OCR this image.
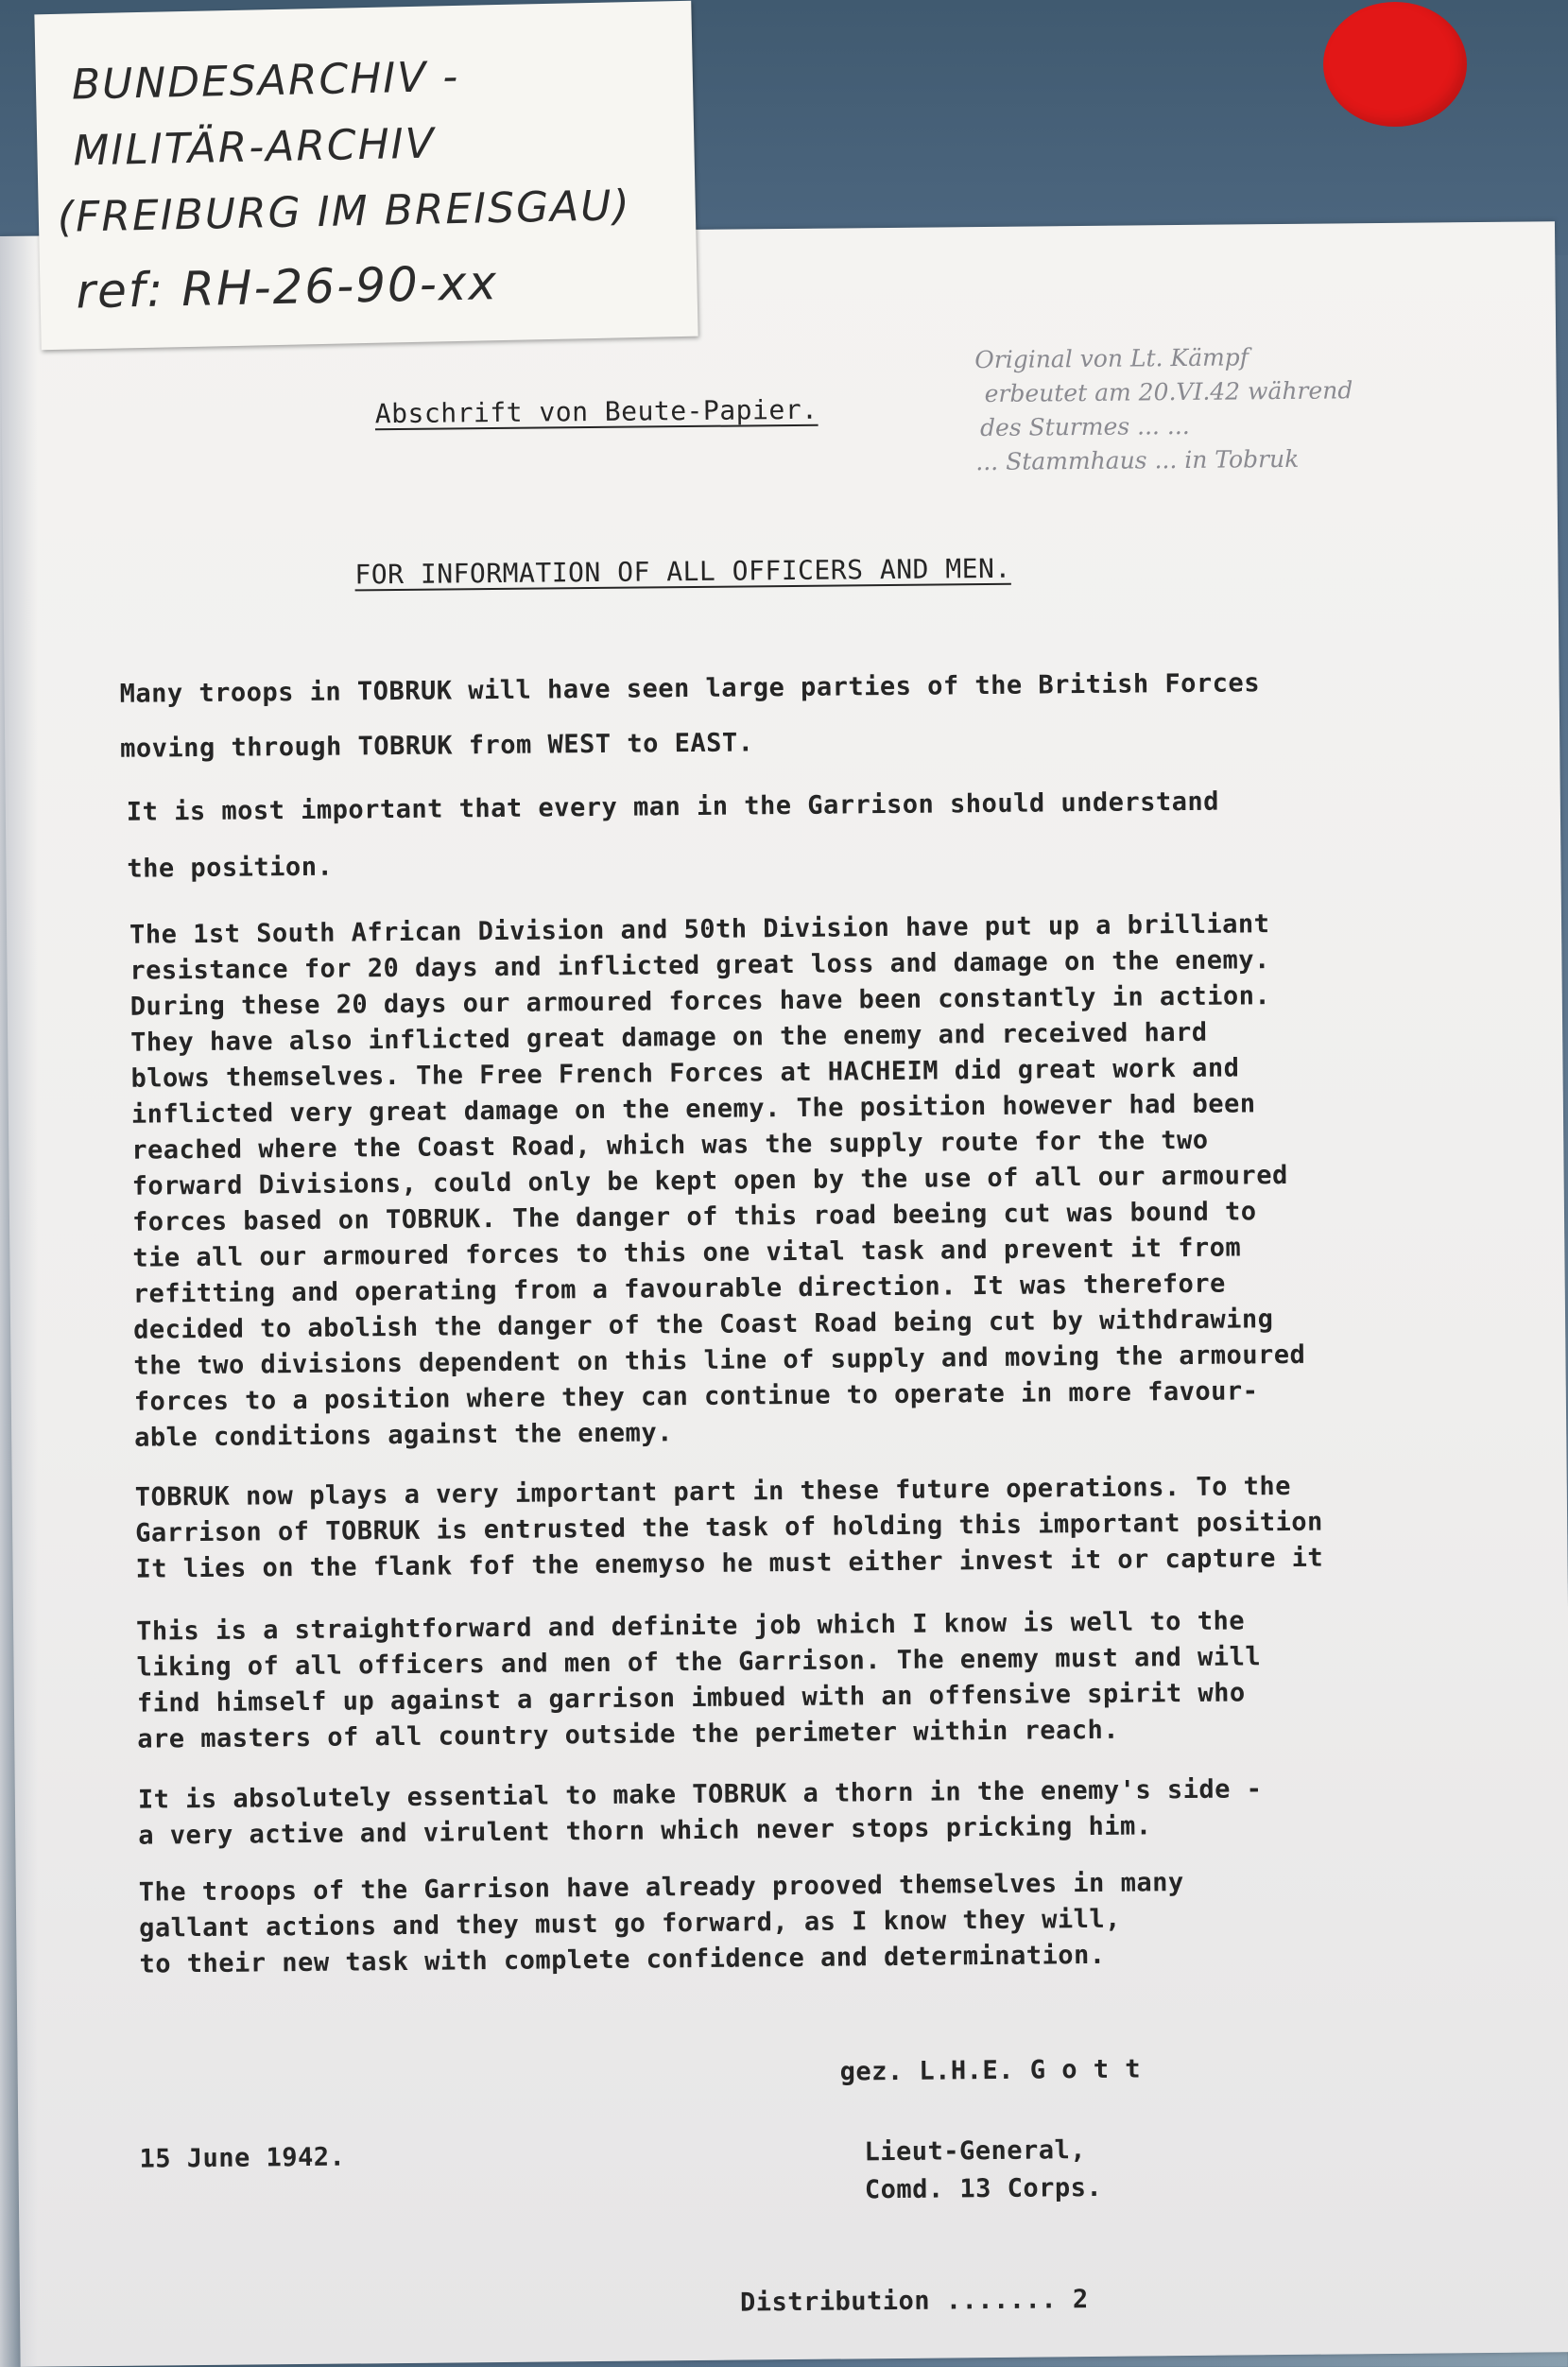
Original von Lt. Kämpf
erbeutet am 20.VI.42 während
des Sturmes ... ...
... Stammhaus ... in Tobruk
Abschrift von Beute-Papier.
FOR INFORMATION OF ALL OFFICERS AND MEN.
Many troops in TOBRUK will have seen large parties of the British Forces
moving through TOBRUK from WEST to EAST.
It is most important that every man in the Garrison should understand
the position.
The 1st South African Division and 50th Division have put up a brilliant
resistance for 20 days and inflicted great loss and damage on the enemy.
During these 20 days our armoured forces have been constantly in action.
They have also inflicted great damage on the enemy and received hard
blows themselves. The Free French Forces at HACHEIM did great work and
inflicted very great damage on the enemy. The position however had been
reached where the Coast Road, which was the supply route for the two
forward Divisions, could only be kept open by the use of all our armoured
forces based on TOBRUK. The danger of this road beeing cut was bound to
tie all our armoured forces to this one vital task and prevent it from
refitting and operating from a favourable direction. It was therefore
decided to abolish the danger of the Coast Road being cut by withdrawing
the two divisions dependent on this line of supply and moving the armoured
forces to a position where they can continue to operate in more favour-
able conditions against the enemy.
TOBRUK now plays a very important part in these future operations. To the
Garrison of TOBRUK is entrusted the task of holding this important position
It lies on the flank fof the enemyso he must either invest it or capture it
This is a straightforward and definite job which I know is well to the
liking of all officers and men of the Garrison. The enemy must and will
find himself up against a garrison imbued with an offensive spirit who
are masters of all country outside the perimeter within reach.
It is absolutely essential to make TOBRUK a thorn in the enemy's side -
a very active and virulent thorn which never stops pricking him.
The troops of the Garrison have already prooved themselves in many
gallant actions and they must go forward, as I know they will,
to their new task with complete confidence and determination.
gez. L.H.E. G o t t
15 June 1942.	Lieut-General,
Comd. 13 Corps.
Distribution ....... 2
BUNDESARCHIV -
MILITÄR-ARCHIV
(FREIBURG IM BREISGAU)
ref: RH-26-90-xx
